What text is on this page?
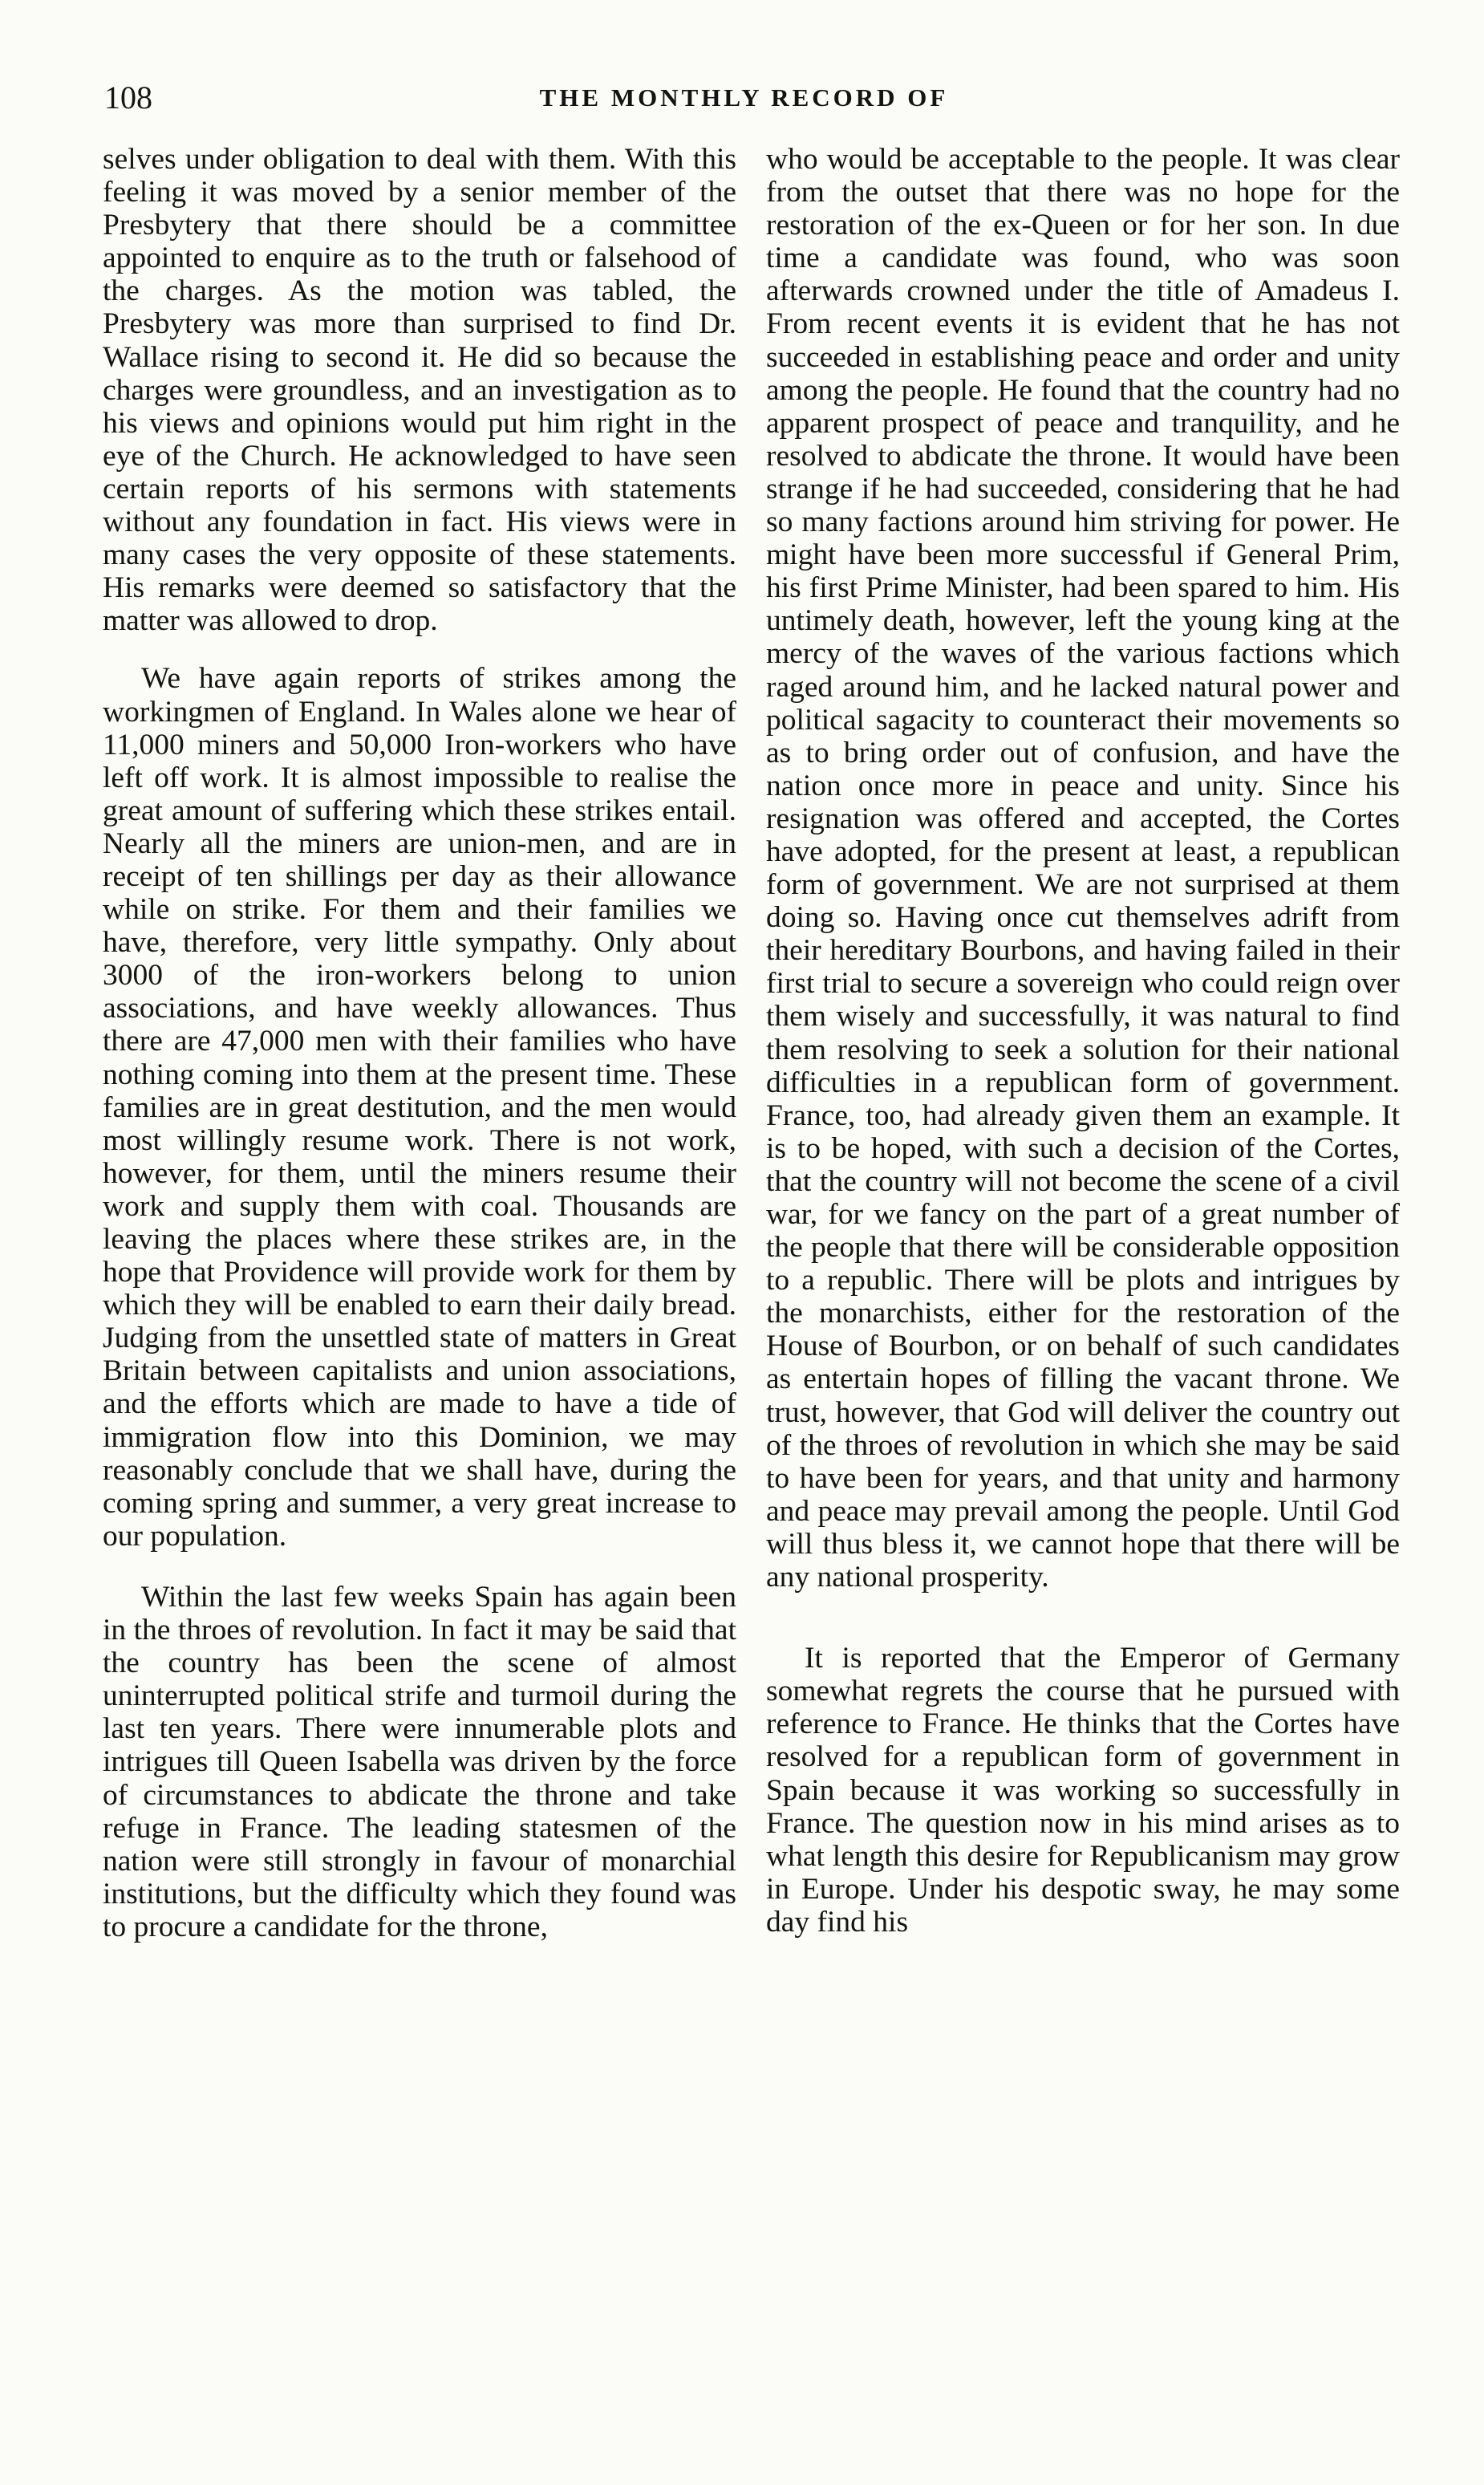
108	THE MONTHLY RECORD OF

selves under obligation to deal with them. With this feeling it was moved by a senior member of the Presbytery that there should be a committee appointed to enquire as to the truth or falsehood of the charges. As the motion was tabled, the Presbytery was more than surprised to find Dr. Wallace rising to second it. He did so because the charges were groundless, and an investigation as to his views and opinions would put him right in the eye of the Church. He acknowledged to have seen certain reports of his sermons with statements without any foundation in fact. His views were in many cases the very opposite of these statements. His remarks were deemed so satisfactory that the matter was allowed to drop.

We have again reports of strikes among the workingmen of England. In Wales alone we hear of 11,000 miners and 50,000 Iron-workers who have left off work. It is almost impossible to realise the great amount of suffering which these strikes entail. Nearly all the miners are union-men, and are in receipt of ten shillings per day as their allowance while on strike. For them and their families we have, therefore, very little sympathy. Only about 3000 of the iron-workers belong to union associations, and have weekly allowances. Thus there are 47,000 men with their families who have nothing coming into them at the present time. These families are in great destitution, and the men would most willingly resume work. There is not work, however, for them, until the miners resume their work and supply them with coal. Thousands are leaving the places where these strikes are, in the hope that Providence will provide work for them by which they will be enabled to earn their daily bread. Judging from the unsettled state of matters in Great Britain between capitalists and union associations, and the efforts which are made to have a tide of immigration flow into this Dominion, we may reasonably conclude that we shall have, during the coming spring and summer, a very great increase to our population.

Within the last few weeks Spain has again been in the throes of revolution. In fact it may be said that the country has been the scene of almost uninterrupted political strife and turmoil during the last ten years. There were innumerable plots and intrigues till Queen Isabella was driven by the force of circumstances to abdicate the throne and take refuge in France. The leading statesmen of the nation were still strongly in favour of monarchial institutions, but the difficulty which they found was to procure a candidate for the throne,

who would be acceptable to the people. It was clear from the outset that there was no hope for the restoration of the ex-Queen or for her son. In due time a candidate was found, who was soon afterwards crowned under the title of Amadeus I. From recent events it is evident that he has not succeeded in establishing peace and order and unity among the people. He found that the country had no apparent prospect of peace and tranquility, and he resolved to abdicate the throne. It would have been strange if he had succeeded, considering that he had so many factions around him striving for power. He might have been more successful if General Prim, his first Prime Minister, had been spared to him. His untimely death, however, left the young king at the mercy of the waves of the various factions which raged around him, and he lacked natural power and political sagacity to counteract their movements so as to bring order out of confusion, and have the nation once more in peace and unity. Since his resignation was offered and accepted, the Cortes have adopted, for the present at least, a republican form of government. We are not surprised at them doing so. Having once cut themselves adrift from their hereditary Bourbons, and having failed in their first trial to secure a sovereign who could reign over them wisely and successfully, it was natural to find them resolving to seek a solution for their national difficulties in a republican form of government. France, too, had already given them an example. It is to be hoped, with such a decision of the Cortes, that the country will not become the scene of a civil war, for we fancy on the part of a great number of the people that there will be considerable opposition to a republic. There will be plots and intrigues by the monarchists, either for the restoration of the House of Bourbon, or on behalf of such candidates as entertain hopes of filling the vacant throne. We trust, however, that God will deliver the country out of the throes of revolution in which she may be said to have been for years, and that unity and harmony and peace may prevail among the people. Until God will thus bless it, we cannot hope that there will be any national prosperity.

It is reported that the Emperor of Germany somewhat regrets the course that he pursued with reference to France. He thinks that the Cortes have resolved for a republican form of government in Spain because it was working so successfully in France. The question now in his mind arises as to what length this desire for Republicanism may grow in Europe. Under his despotic sway, he may some day find his
